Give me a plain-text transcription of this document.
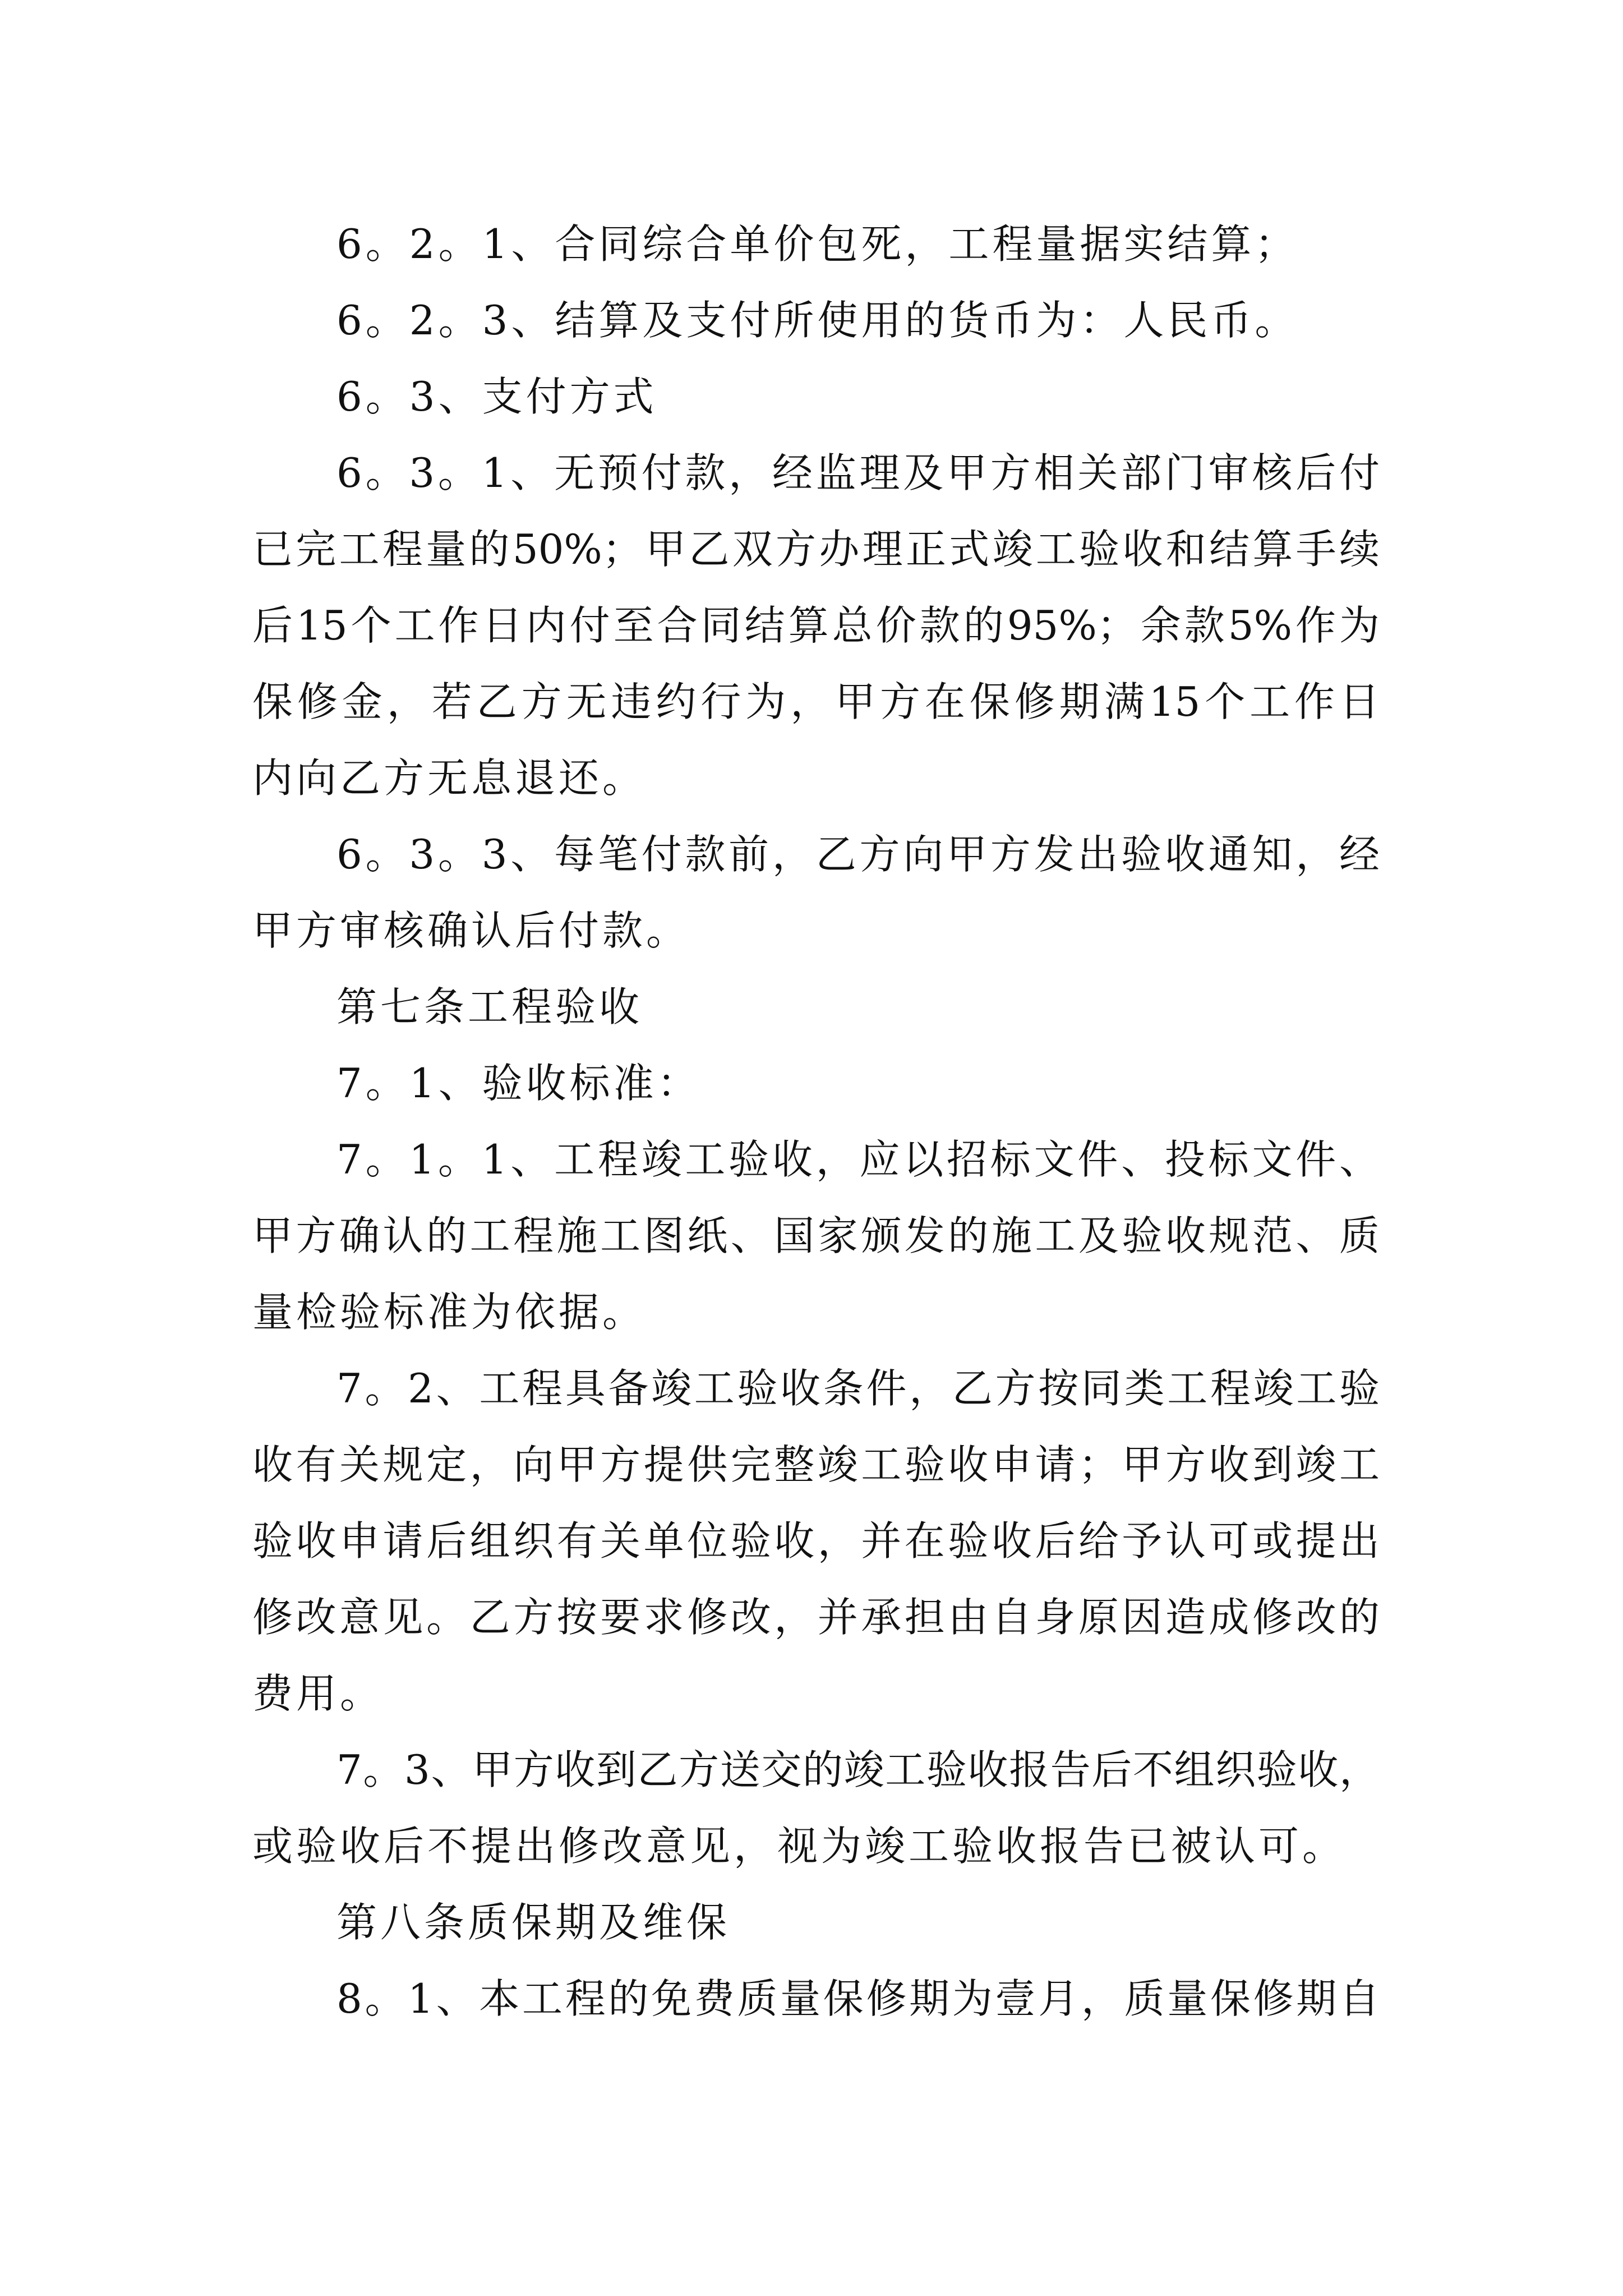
6。2。1、合同综合单价包死，工程量据实结算；
6。2。3、结算及支付所使用的货币为：人民币。
6。3、支付方式
6。3。1、无预付款，经监理及甲方相关部门审核后付
已完工程量的50%；甲乙双方办理正式竣工验收和结算手续
后15个工作日内付至合同结算总价款的95%；余款5%作为
保修金，若乙方无违约行为，甲方在保修期满15个工作日
内向乙方无息退还。
6。3。3、每笔付款前，乙方向甲方发出验收通知，经
甲方审核确认后付款。
第七条工程验收
7。1、验收标准：
7。1。1、工程竣工验收，应以招标文件、投标文件、
甲方确认的工程施工图纸、国家颁发的施工及验收规范、质
量检验标准为依据。
7。2、工程具备竣工验收条件，乙方按同类工程竣工验
收有关规定，向甲方提供完整竣工验收申请；甲方收到竣工
验收申请后组织有关单位验收，并在验收后给予认可或提出
修改意见。乙方按要求修改，并承担由自身原因造成修改的
费用。
7。3、甲方收到乙方送交的竣工验收报告后不组织验收，
或验收后不提出修改意见，视为竣工验收报告已被认可。
第八条质保期及维保
8。1、本工程的免费质量保修期为壹月，质量保修期自
